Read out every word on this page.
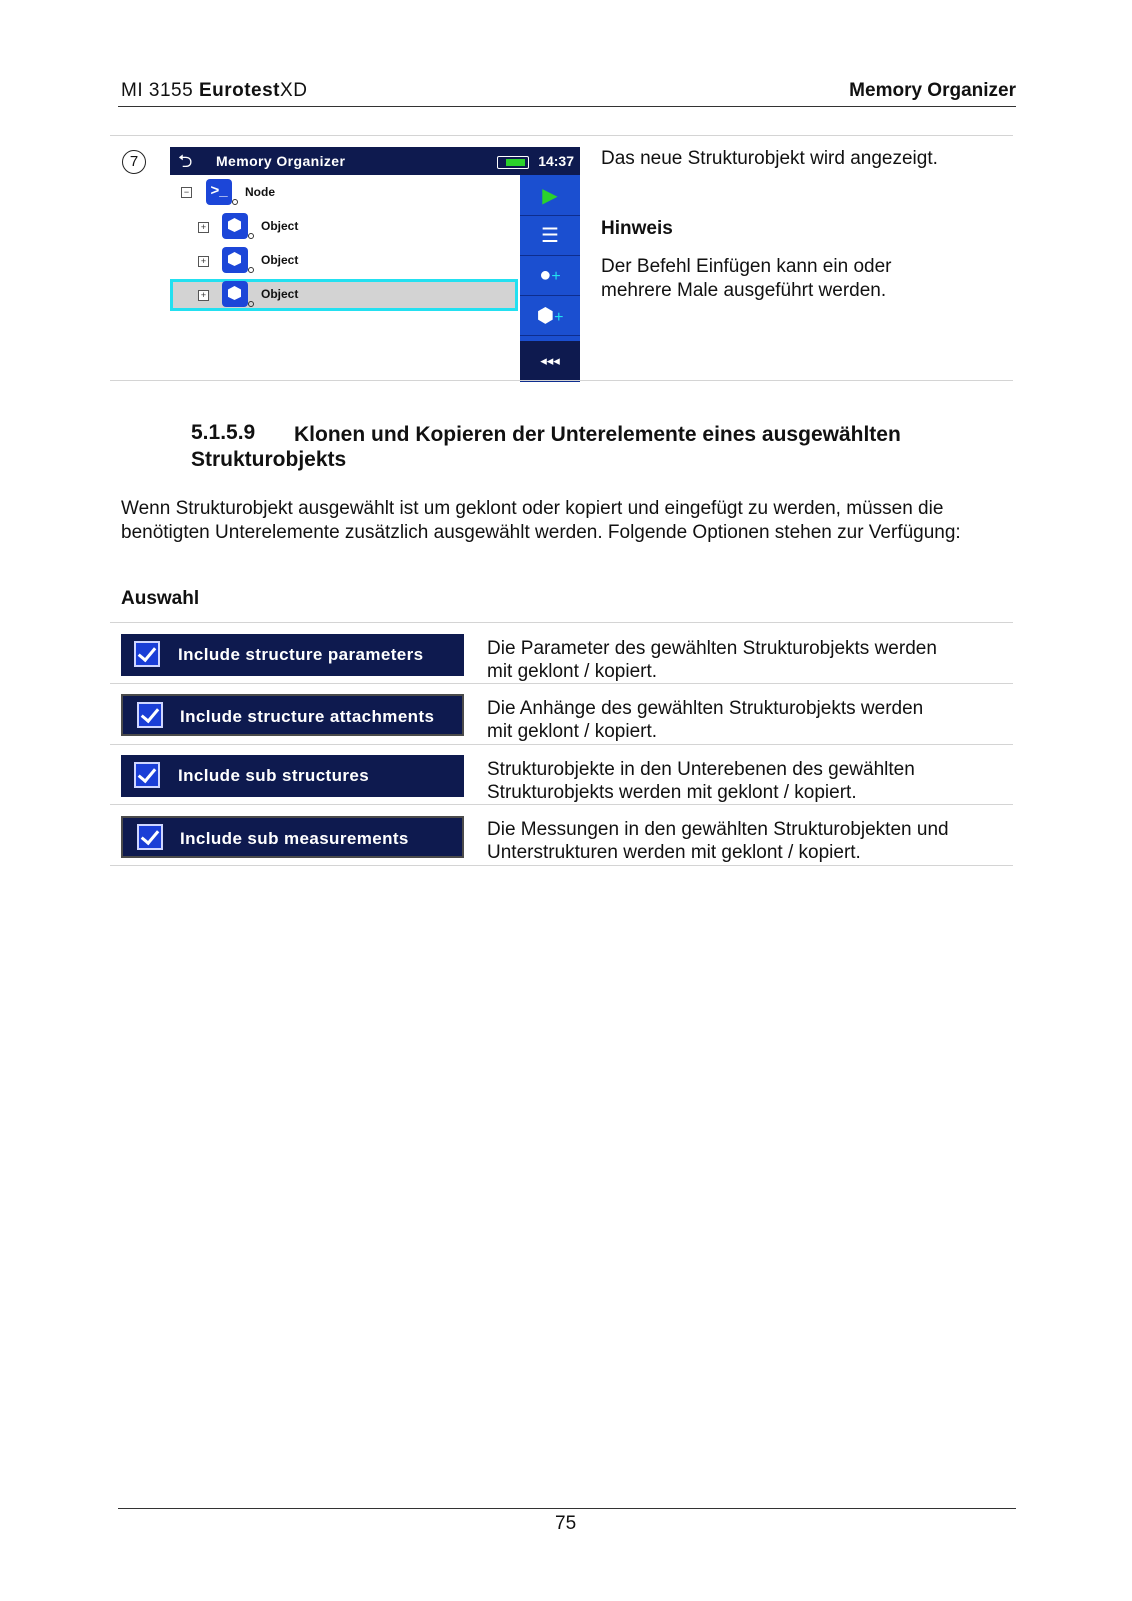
MI 3155 EurotestXD	Memory Organizer
7	⮌ Memory Organizer	14:37
− >_	Node
+	Object
+	Object
+	Object
▶
☰
●+
⬢+
◂◂◂
Das neue Strukturobjekt wird angezeigt.
Hinweis
Der Befehl Einfügen kann ein oder mehrere Male ausgeführt werden.
5.1.5.9 Klonen und Kopieren der Unterelemente eines ausgewählten
Strukturobjekts
Wenn Strukturobjekt ausgewählt ist um geklont oder kopiert und eingefügt zu werden, müssen die benötigten Unterelemente zusätzlich ausgewählt werden. Folgende Optionen stehen zur Verfügung:
Auswahl
Include structure parameters	Die Parameter des gewählten Strukturobjekts werden
mit geklont / kopiert.
Include structure attachments	Die Anhänge des gewählten Strukturobjekts werden
mit geklont / kopiert.
Include sub structures	Strukturobjekte in den Unterebenen des gewählten
Strukturobjekts werden mit geklont / kopiert.
Include sub measurements	Die Messungen in den gewählten Strukturobjekten und
Unterstrukturen werden mit geklont / kopiert.
75
